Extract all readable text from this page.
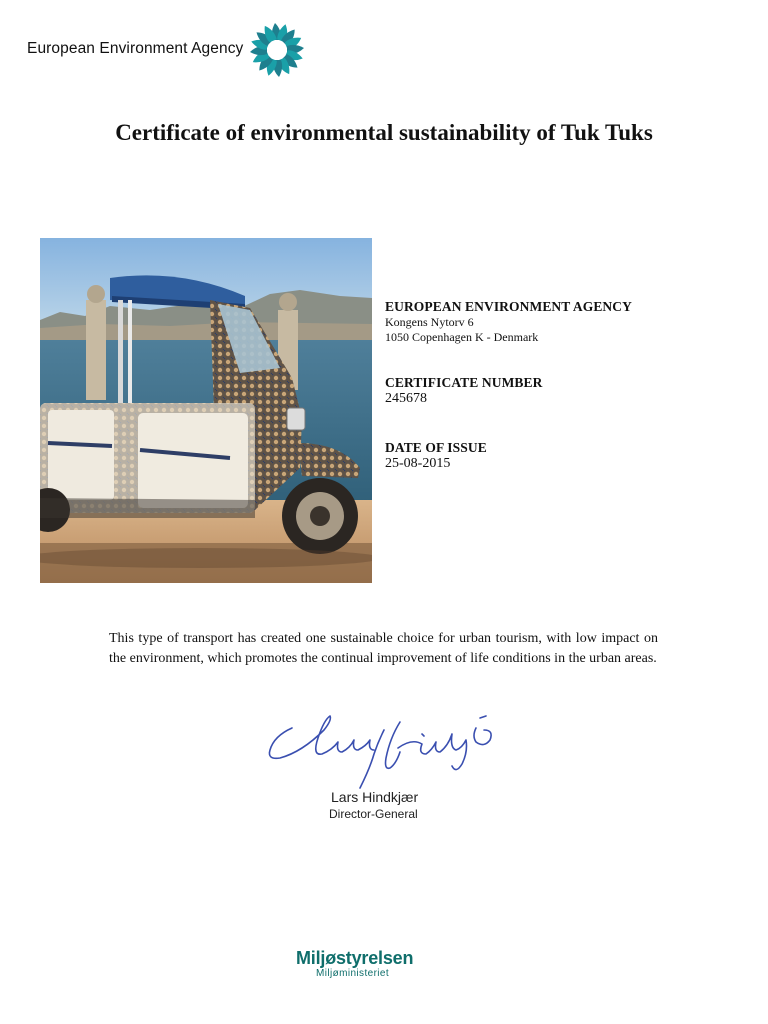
European Environment Agency
Certificate of environmental sustainability of Tuk Tuks
EUROPEAN ENVIRONMENT AGENCY
Kongens Nytorv 6
1050 Copenhagen K - Denmark
CERTIFICATE NUMBER
245678
DATE OF ISSUE
25-08-2015
This type of transport has created one sustainable choice for urban tourism, with low impact on the environment, which promotes the continual improvement of life conditions in the urban areas.
Lars Hindkjær
Director-General
Miljøstyrelsen
Miljøministeriet
